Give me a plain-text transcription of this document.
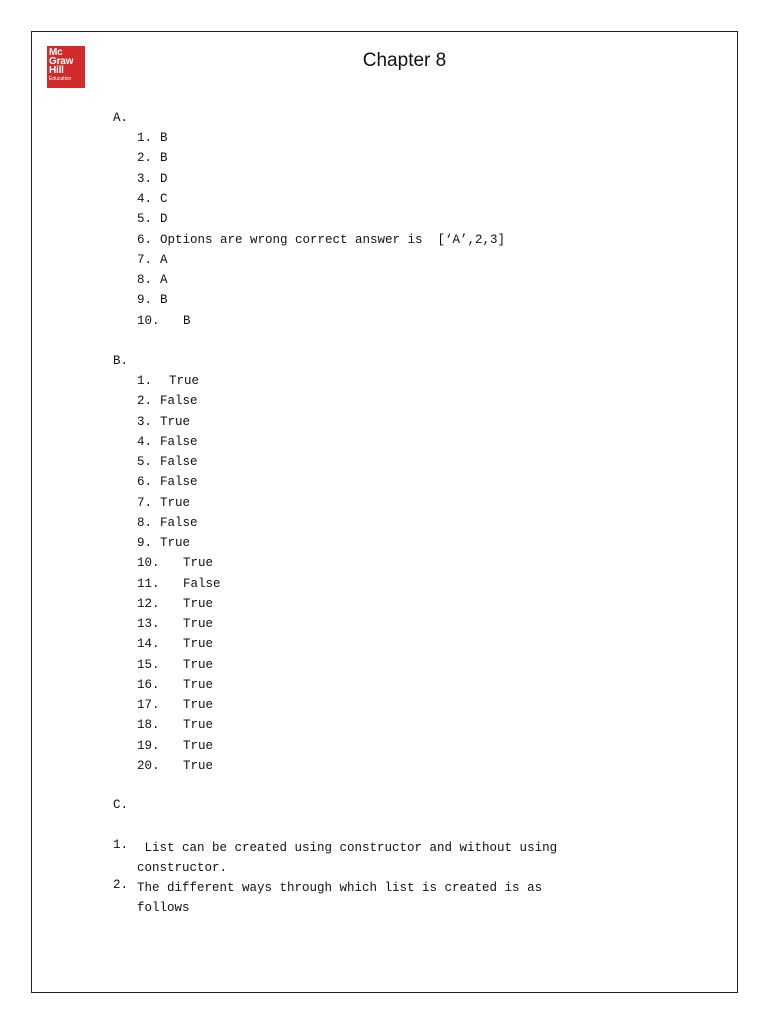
Mc
Graw
Hill
Education
Chapter 8
A.
1. B
2. B
3. D
4. C
5. D
6. Options are wrong correct answer is  [‘A’,2,3]
7. A
8. A
9. B
10. B
B.
1. True
2. False
3. True
4. False
5. False
6. False
7. True
8. False
9. True
10. True
11. False
12. True
13. True
14. True
15. True
16. True
17. True
18. True
19. True
20. True
C.
1.	List can be created using constructor and without using
constructor.
2. The different ways through which list is created is as
follows
